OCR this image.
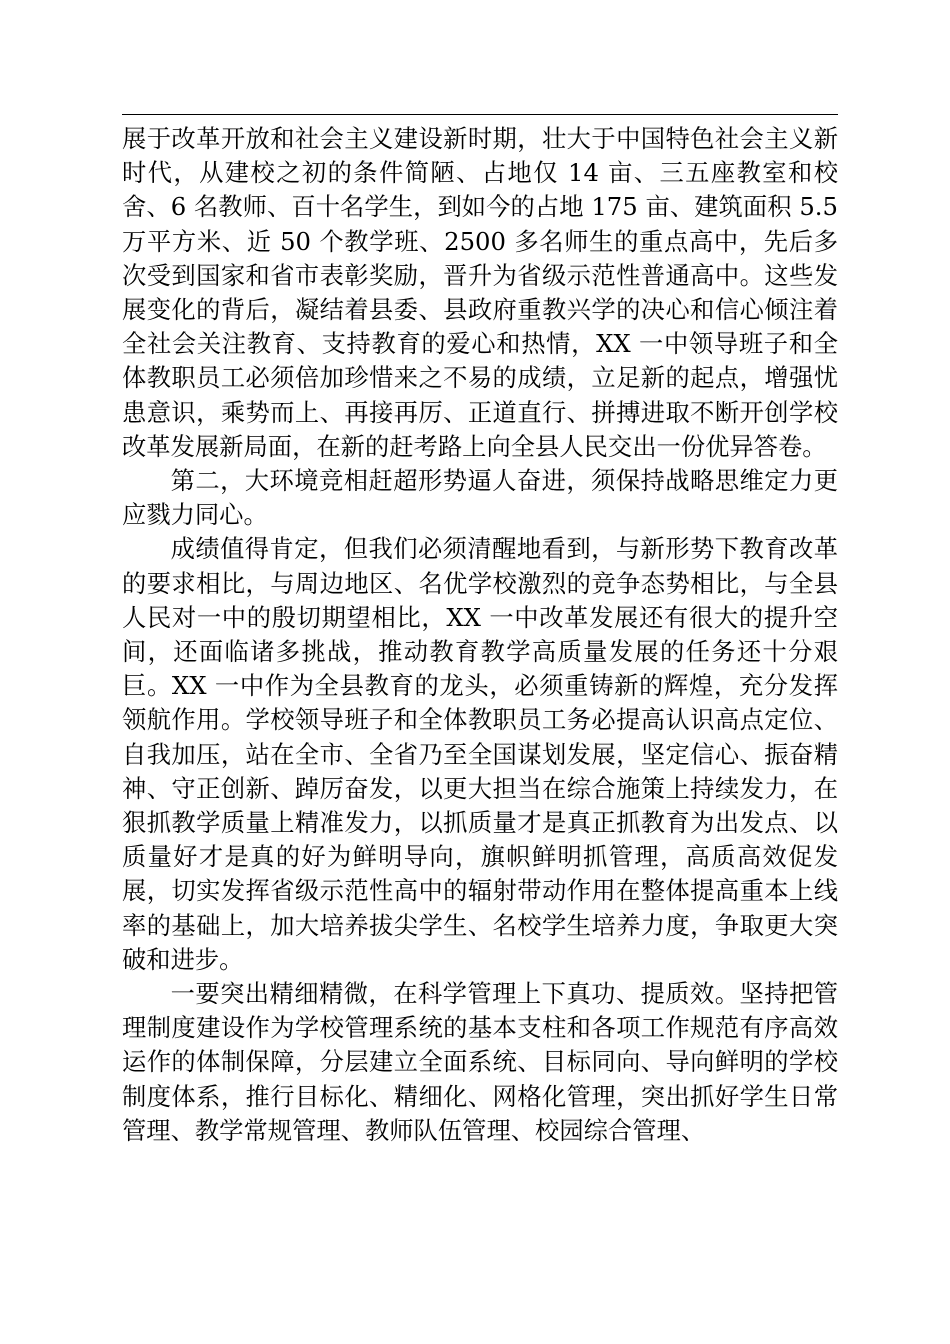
展于改革开放和社会主义建设新时期，壮大于中国特色社会主义新时代，从建校之初的条件简陋、占地仅 14 亩、三五座教室和校舍、6 名教师、百十名学生，到如今的占地 175 亩、建筑面积 5.5 万平方米、近 50 个教学班、2500 多名师生的重点高中，先后多次受到国家和省市表彰奖励，晋升为省级示范性普通高中。这些发展变化的背后，凝结着县委、县政府重教兴学的决心和信心倾注着全社会关注教育、支持教育的爱心和热情，XX 一中领导班子和全体教职员工必须倍加珍惜来之不易的成绩，立足新的起点，增强忧患意识，乘势而上、再接再厉、正道直行、拼搏进取不断开创学校改革发展新局面，在新的赶考路上向全县人民交出一份优异答卷。

第二，大环境竞相赶超形势逼人奋进，须保持战略思维定力更应戮力同心。

成绩值得肯定，但我们必须清醒地看到，与新形势下教育改革的要求相比，与周边地区、名优学校激烈的竞争态势相比，与全县人民对一中的殷切期望相比，XX 一中改革发展还有很大的提升空间，还面临诸多挑战，推动教育教学高质量发展的任务还十分艰巨。XX 一中作为全县教育的龙头，必须重铸新的辉煌，充分发挥领航作用。学校领导班子和全体教职员工务必提高认识高点定位、自我加压，站在全市、全省乃至全国谋划发展，坚定信心、振奋精神、守正创新、踔厉奋发，以更大担当在综合施策上持续发力，在狠抓教学质量上精准发力，以抓质量才是真正抓教育为出发点、以质量好才是真的好为鲜明导向，旗帜鲜明抓管理，高质高效促发展，切实发挥省级示范性高中的辐射带动作用在整体提高重本上线率的基础上，加大培养拔尖学生、名校学生培养力度，争取更大突破和进步。

一要突出精细精微，在科学管理上下真功、提质效。坚持把管理制度建设作为学校管理系统的基本支柱和各项工作规范有序高效运作的体制保障，分层建立全面系统、目标同向、导向鲜明的学校制度体系，推行目标化、精细化、网格化管理，突出抓好学生日常管理、教学常规管理、教师队伍管理、校园综合管理、
